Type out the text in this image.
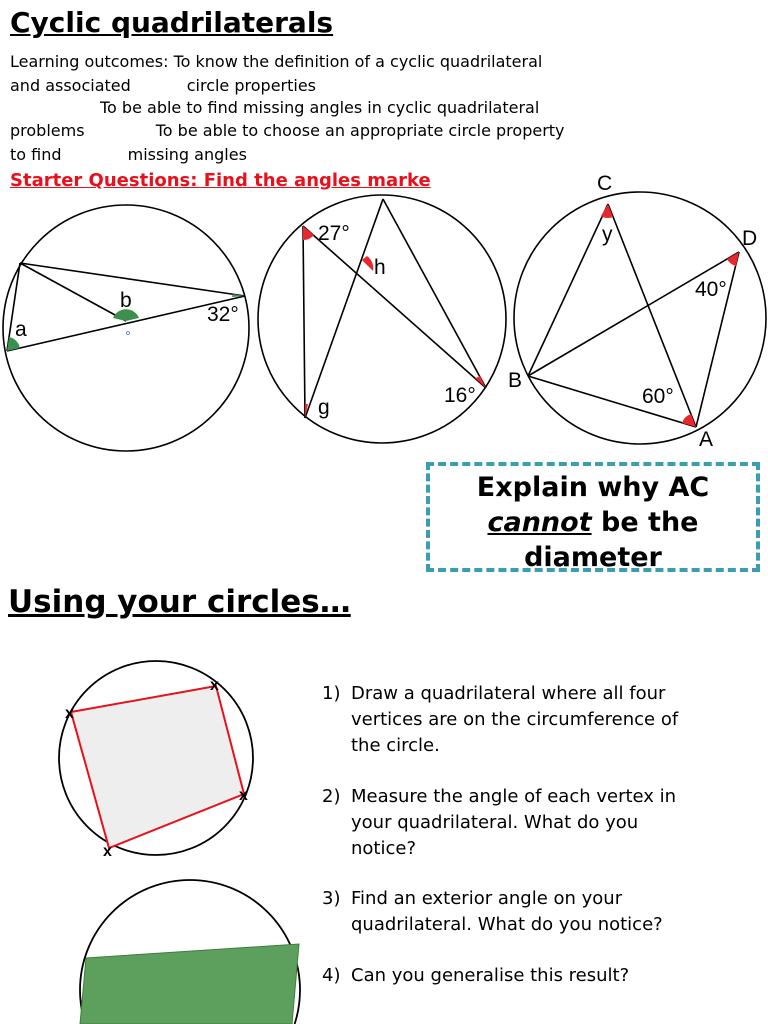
Cyclic quadrilaterals
Learning outcomes: To know the definition of a cyclic quadrilateral
and associated           circle properties
To be able to find missing angles in cyclic quadrilateral
problems              To be able to choose an appropriate circle property
to find             missing angles
Starter Questions: Find the angles marke
b
a
32°
27°
h
16°
g
C
y	D
40°
B
60°
A
x
x
x
x
Explain why AC
cannot be the
diameter
Using your circles…
1) Draw a quadrilateral where all four
vertices are on the circumference of
the circle.
2) Measure the angle of each vertex in
your quadrilateral. What do you
notice?
3) Find an exterior angle on your
quadrilateral. What do you notice?
4) Can you generalise this result?
